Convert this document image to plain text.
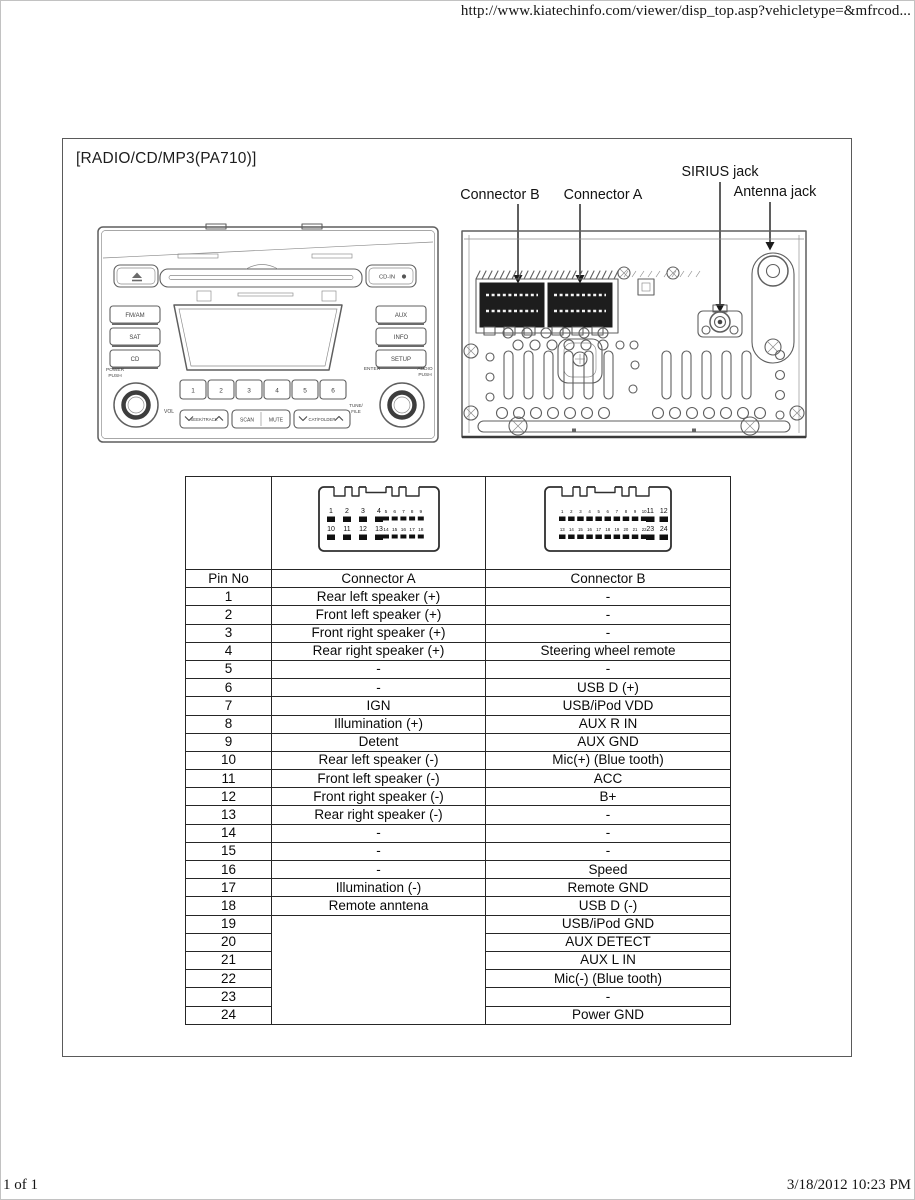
http://www.kiatechinfo.com/viewer/disp_top.asp?vehicletype=&mfrcod...
[RADIO/CD/MP3(PA710)]
Connector B Connector A
SIRIUS jack
Antenna jack
CD-IN
FM/AM
SAT
CD
AUX
INFO
SETUP
1	2	3	4	5	6
SEEK/TRACK	SCAN	MUTE	CAT/FOLDER
POWER
PUSH
VOL
ENTER	AUDIO
PUSH
TUNE/
FILE

1 2 3 4 5 6 7 8 9
10 11 12 13 14 15 16 17 18

1 2 3 4 5 6 7 8 9 10 11 12
13 14 15 16 17 18 19 20 21 22 23 24

Pin No	Connector A	Connector B
1	Rear left speaker (+)	-
2	Front left speaker (+)	-
3	Front right speaker (+)	-
4	Rear right speaker (+)	Steering wheel remote
5	-	-
6	-	USB D (+)
7	IGN	USB/iPod VDD
8	Illumination (+)	AUX R IN
9	Detent	AUX GND
10	Rear left speaker (-)	Mic(+) (Blue tooth)
11	Front left speaker (-)	ACC
12	Front right speaker (-)	B+
13	Rear right speaker (-)	-
14	-	-
15	-	-
16	-	Speed
17	Illumination (-)	Remote GND
18	Remote anntena	USB D (-)
19		USB/iPod GND
20		AUX DETECT
21		AUX L IN
22		Mic(-) (Blue tooth)
23		-
24		Power GND
1 of 1	3/18/2012 10:23 PM
